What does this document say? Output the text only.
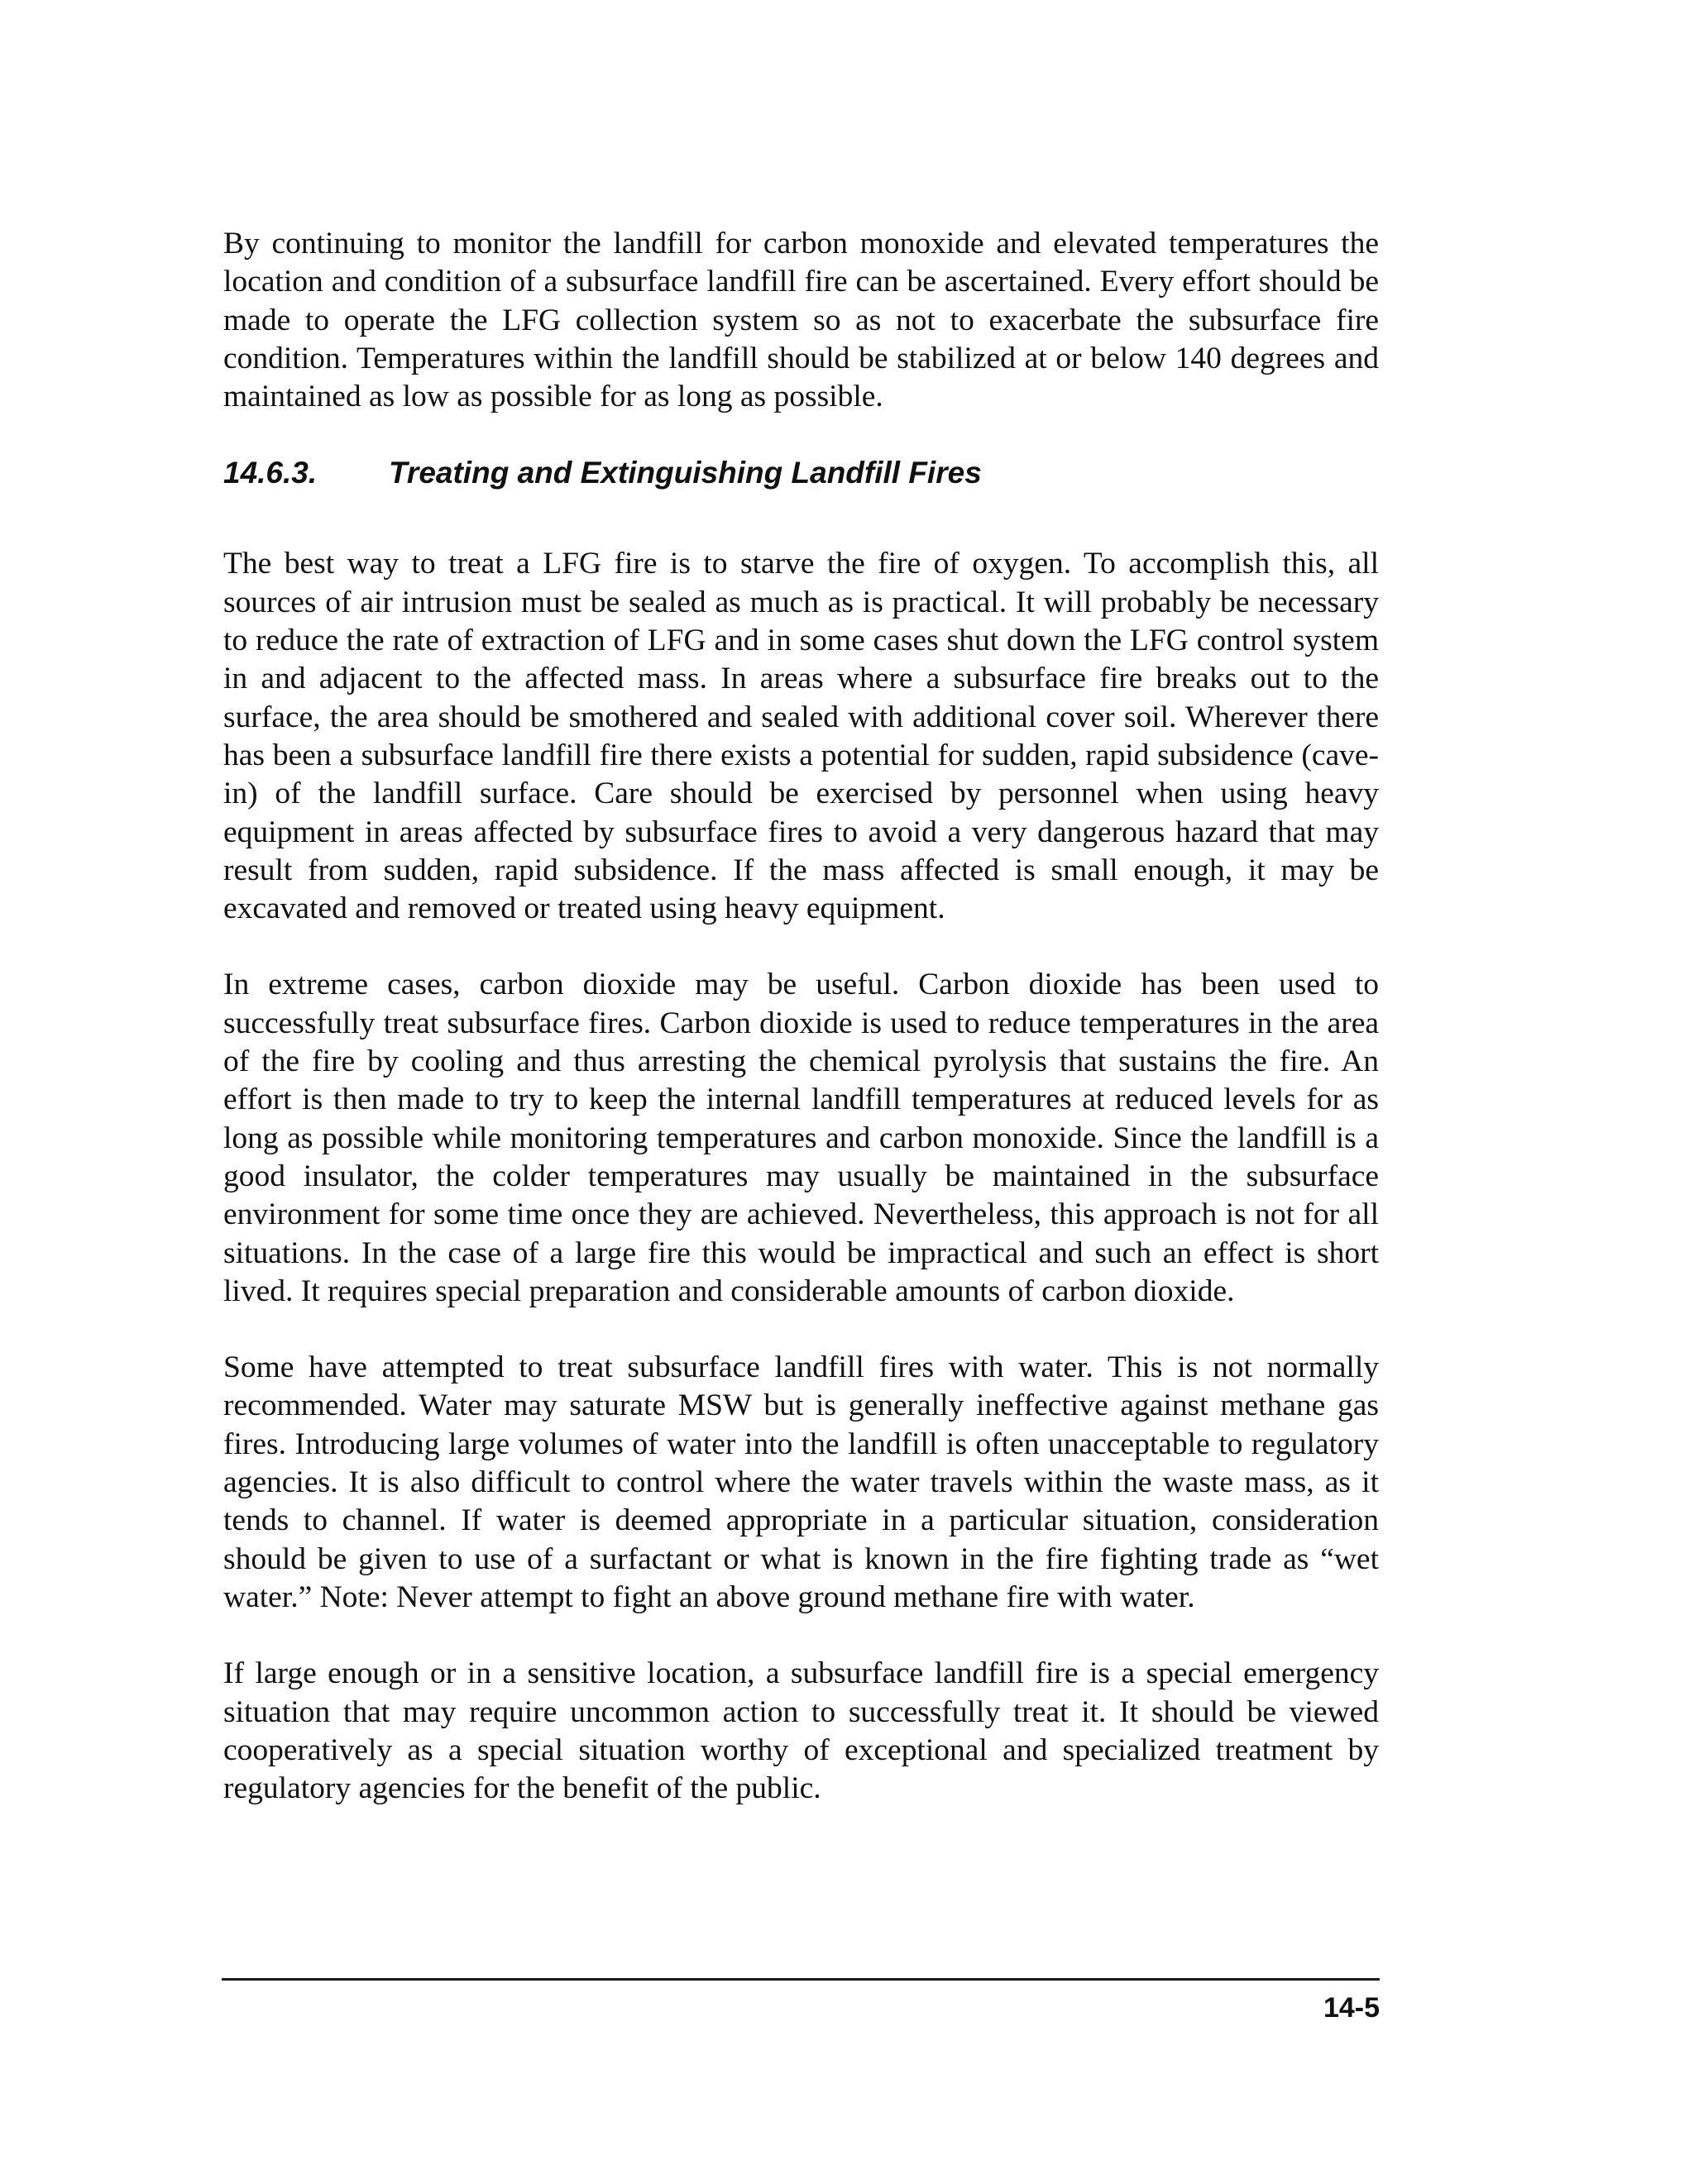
By continuing to monitor the landfill for carbon monoxide and elevated temperatures the location and condition of a subsurface landfill fire can be ascertained. Every effort should be made to operate the LFG collection system so as not to exacerbate the subsurface fire condition. Temperatures within the landfill should be stabilized at or below 140 degrees and maintained as low as possible for as long as possible.

14.6.3.	Treating and Extinguishing Landfill Fires

The best way to treat a LFG fire is to starve the fire of oxygen. To accomplish this, all sources of air intrusion must be sealed as much as is practical. It will probably be necessary to reduce the rate of extraction of LFG and in some cases shut down the LFG control system in and adjacent to the affected mass. In areas where a subsurface fire breaks out to the surface, the area should be smothered and sealed with additional cover soil. Wherever there has been a subsurface landfill fire there exists a potential for sudden, rapid subsidence (cave-in) of the landfill surface. Care should be exercised by personnel when using heavy equipment in areas affected by subsurface fires to avoid a very dangerous hazard that may result from sudden, rapid subsidence. If the mass affected is small enough, it may be excavated and removed or treated using heavy equipment.

In extreme cases, carbon dioxide may be useful. Carbon dioxide has been used to successfully treat subsurface fires. Carbon dioxide is used to reduce temperatures in the area of the fire by cooling and thus arresting the chemical pyrolysis that sustains the fire. An effort is then made to try to keep the internal landfill temperatures at reduced levels for as long as possible while monitoring temperatures and carbon monoxide. Since the landfill is a good insulator, the colder temperatures may usually be maintained in the subsurface environment for some time once they are achieved. Nevertheless, this approach is not for all situations. In the case of a large fire this would be impractical and such an effect is short lived. It requires special preparation and considerable amounts of carbon dioxide.

Some have attempted to treat subsurface landfill fires with water. This is not normally recommended. Water may saturate MSW but is generally ineffective against methane gas fires. Introducing large volumes of water into the landfill is often unacceptable to regulatory agencies. It is also difficult to control where the water travels within the waste mass, as it tends to channel. If water is deemed appropriate in a particular situation, consideration should be given to use of a surfactant or what is known in the fire fighting trade as “wet water.” Note: Never attempt to fight an above ground methane fire with water.

If large enough or in a sensitive location, a subsurface landfill fire is a special emergency situation that may require uncommon action to successfully treat it. It should be viewed cooperatively as a special situation worthy of exceptional and specialized treatment by regulatory agencies for the benefit of the public.

14-5
